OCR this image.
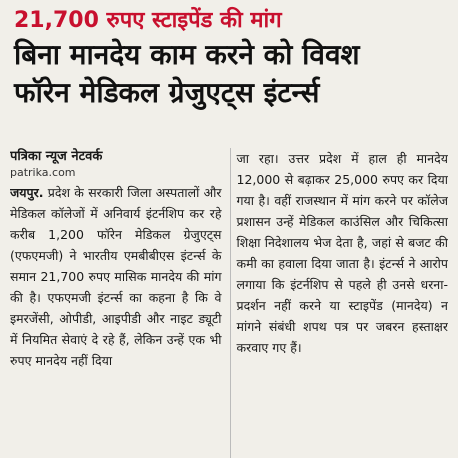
21,700 रुपए स्टाइपेंड की मांग
बिना मानदेय काम करने को विवश
फॉरेन मेडिकल ग्रेजुएट्स इंटर्न्स
पत्रिका न्यूज नेटवर्क
patrika.com
जयपुर. प्रदेश के सरकारी जिला अस्पतालों और मेडिकल कॉलेजों में अनिवार्य इंटर्नशिप कर रहे करीब 1,200 फॉरेन मेडिकल ग्रेजुएट्स (एफएमजी) ने भारतीय एमबीबीएस इंटर्न्स के समान 21,700 रुपए मासिक मानदेय की मांग की है। एफएमजी इंटर्न्स का कहना है कि वे इमरजेंसी, ओपीडी, आइपीडी और नाइट ड्यूटी में नियमित सेवाएं दे रहे हैं, लेकिन उन्हें एक भी रुपए मानदेय नहीं दिया
जा रहा। उत्तर प्रदेश में हाल ही मानदेय 12,000 से बढ़ाकर 25,000 रुपए कर दिया गया है। वहीं राजस्थान में मांग करने पर कॉलेज प्रशासन उन्हें मेडिकल काउंसिल और चिकित्सा शिक्षा निदेशालय भेज देता है, जहां से बजट की कमी का हवाला दिया जाता है। इंटर्न्स ने आरोप लगाया कि इंटर्नशिप से पहले ही उनसे धरना-प्रदर्शन नहीं करने या स्टाइपेंड (मानदेय) न मांगने संबंधी शपथ पत्र पर जबरन हस्ताक्षर करवाए गए हैं।
